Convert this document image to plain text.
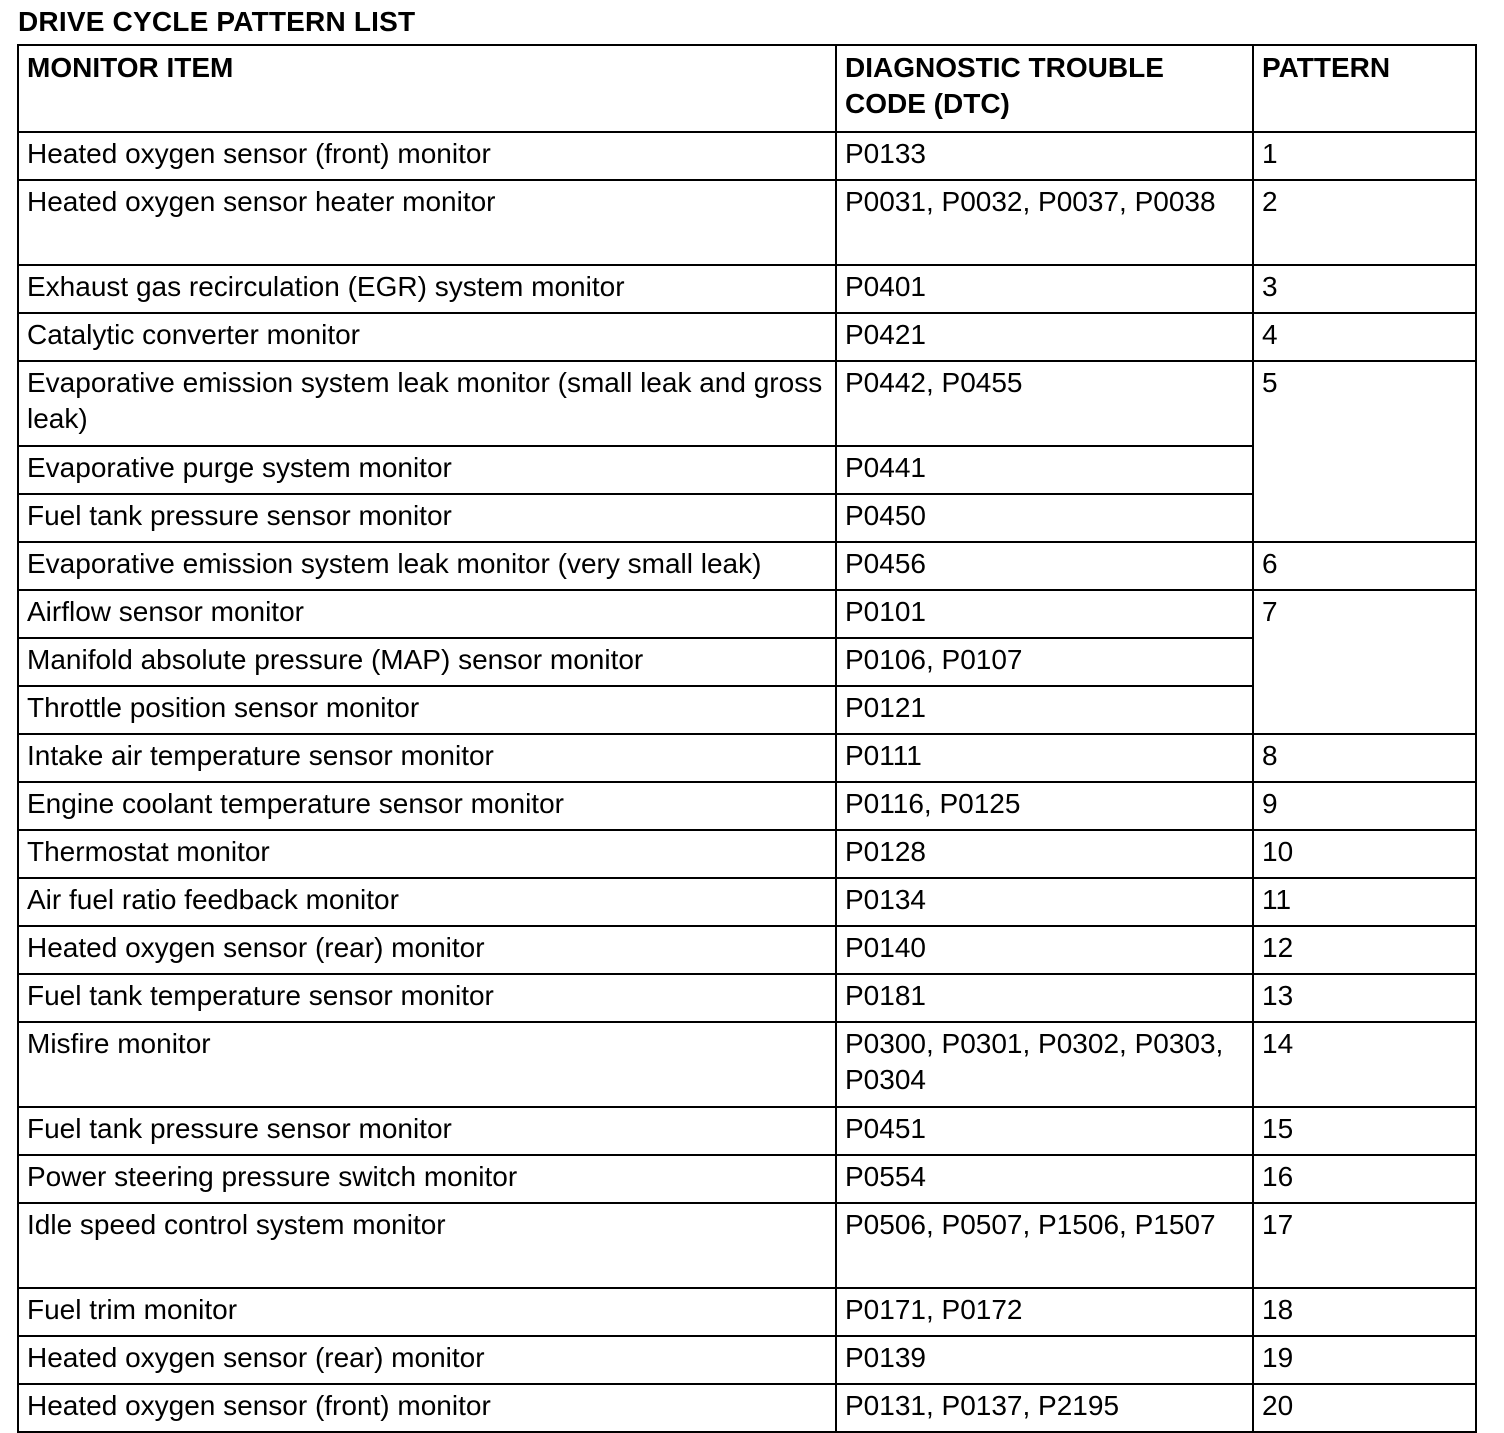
DRIVE CYCLE PATTERN LIST
MONITOR ITEM	DIAGNOSTIC TROUBLE CODE (DTC)	PATTERN
Heated oxygen sensor (front) monitor	P0133	1
Heated oxygen sensor heater monitor	P0031, P0032, P0037, P0038	2
Exhaust gas recirculation (EGR) system monitor	P0401	3
Catalytic converter monitor	P0421	4
Evaporative emission system leak monitor (small leak and gross leak)	P0442, P0455	5
Evaporative purge system monitor	P0441	
Fuel tank pressure sensor monitor	P0450	
Evaporative emission system leak monitor (very small leak)	P0456	6
Airflow sensor monitor	P0101	7
Manifold absolute pressure (MAP) sensor monitor	P0106, P0107	
Throttle position sensor monitor	P0121	
Intake air temperature sensor monitor	P0111	8
Engine coolant temperature sensor monitor	P0116, P0125	9
Thermostat monitor	P0128	10
Air fuel ratio feedback monitor	P0134	11
Heated oxygen sensor (rear) monitor	P0140	12
Fuel tank temperature sensor monitor	P0181	13
Misfire monitor	P0300, P0301, P0302, P0303, P0304	14
Fuel tank pressure sensor monitor	P0451	15
Power steering pressure switch monitor	P0554	16
Idle speed control system monitor	P0506, P0507, P1506, P1507	17
Fuel trim monitor	P0171, P0172	18
Heated oxygen sensor (rear) monitor	P0139	19
Heated oxygen sensor (front) monitor	P0131, P0137, P2195	20
